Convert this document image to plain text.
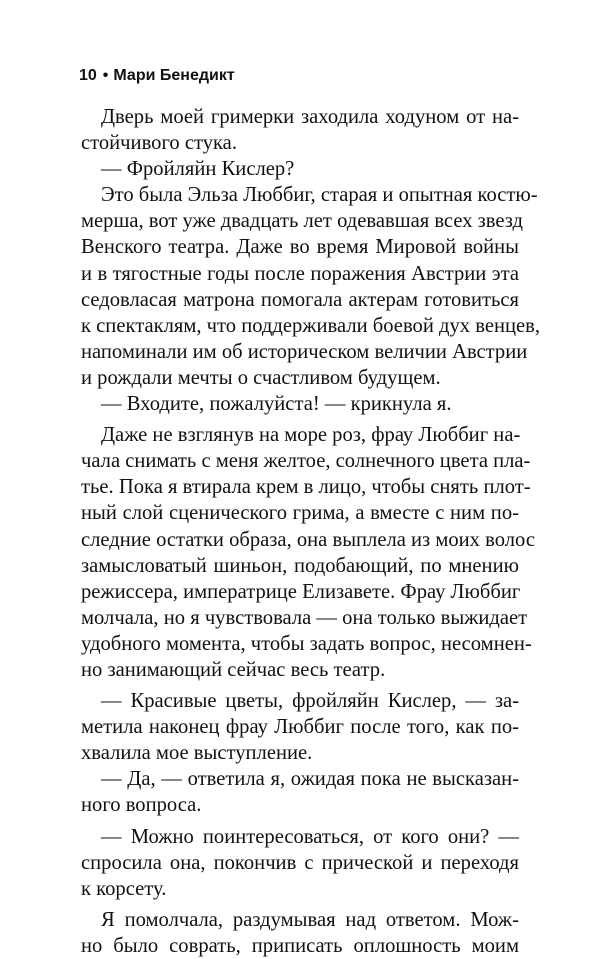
10 • Мари Бенедикт
Дверь моей гримерки заходила ходуном от на-
стойчивого стука.
— Фройляйн Кислер?
Это была Эльза Люббиг, старая и опытная костю-
мерша, вот уже двадцать лет одевавшая всех звезд
Венского театра. Даже во время Мировой войны
и в тягостные годы после поражения Австрии эта
седовласая матрона помогала актерам готовиться
к спектаклям, что поддерживали боевой дух венцев,
напоминали им об историческом величии Австрии
и рождали мечты о счастливом будущем.
— Входите, пожалуйста! — крикнула я.
Даже не взглянув на море роз, фрау Люббиг на-
чала снимать с меня желтое, солнечного цвета пла-
тье. Пока я втирала крем в лицо, чтобы снять плот-
ный слой сценического грима, а вместе с ним по-
следние остатки образа, она выплела из моих волос
замысловатый шиньон, подобающий, по мнению
режиссера, императрице Елизавете. Фрау Люббиг
молчала, но я чувствовала — она только выжидает
удобного момента, чтобы задать вопрос, несомнен-
но занимающий сейчас весь театр.
— Красивые цветы, фройляйн Кислер, — за-
метила наконец фрау Люббиг после того, как по-
хвалила мое выступление.
— Да, — ответила я, ожидая пока не высказан-
ного вопроса.
— Можно поинтересоваться, от кого они? —
спросила она, покончив с прической и переходя
к корсету.
Я помолчала, раздумывая над ответом. Мож-
но было соврать, приписать оплошность моим
